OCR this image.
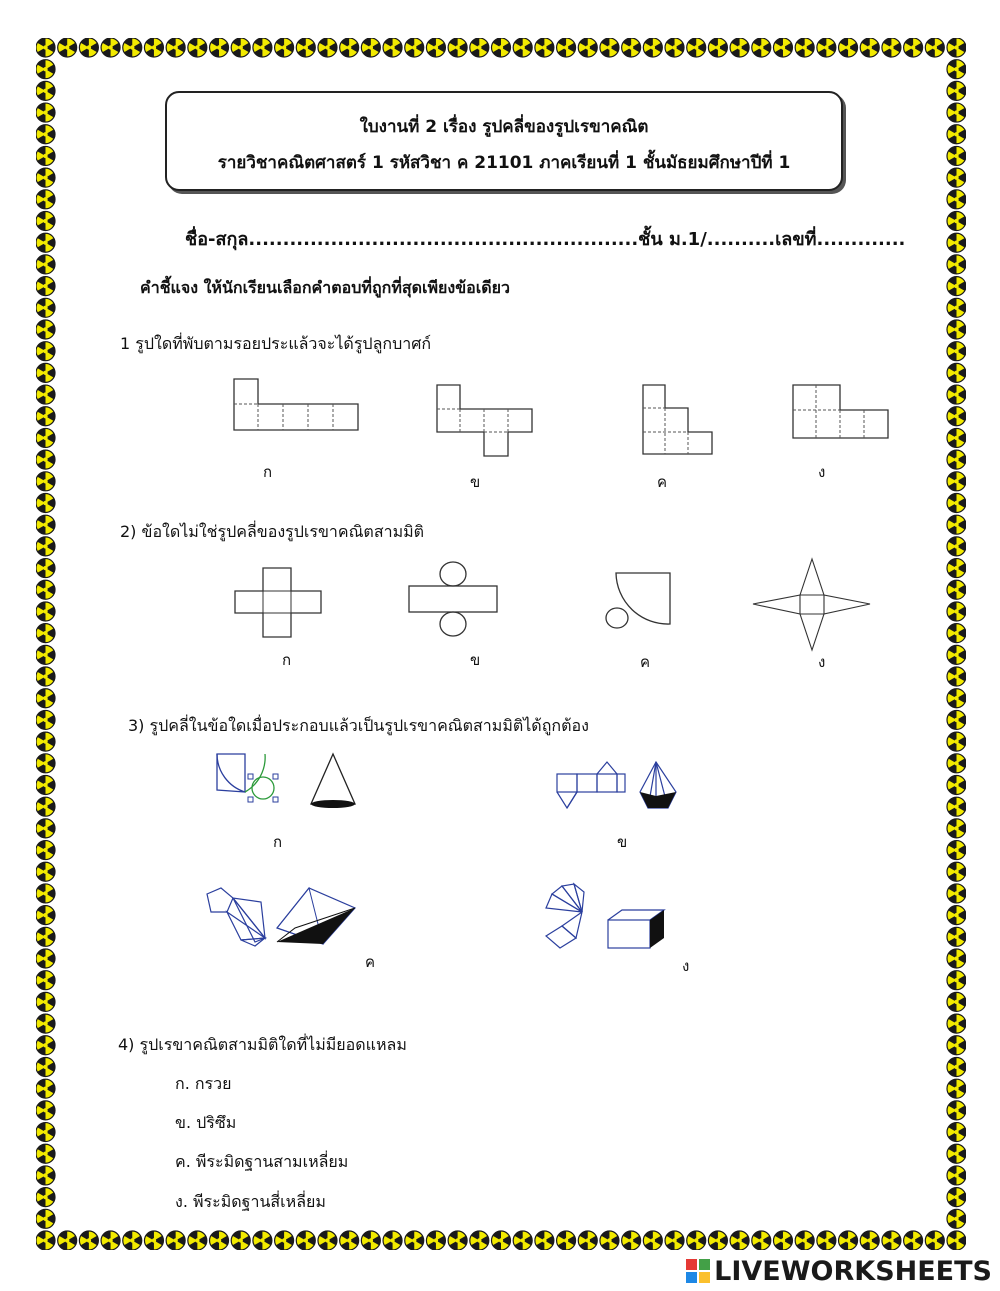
ใบงานที่ 2 เรื่อง รูปคลี่ของรูปเรขาคณิต
รายวิชาคณิตศาสตร์ 1 รหัสวิชา ค 21101 ภาคเรียนที่ 1 ชั้นมัธยมศึกษาปีที่ 1
ชื่อ-สกุล.........................................................ชั้น ม.1/..........เลขที่.............
คำชี้แจง ให้นักเรียนเลือกคำตอบที่ถูกที่สุดเพียงข้อเดียว
1 รูปใดที่พับตามรอยประแล้วจะได้รูปลูกบาศก์
ก
ข	ค
ง
2) ข้อใดไม่ใช่รูปคลี่ของรูปเรขาคณิตสามมิติ
ก	ข	ค	ง
3) รูปคลี่ในข้อใดเมื่อประกอบแล้วเป็นรูปเรขาคณิตสามมิติได้ถูกต้อง
ก	ข
ค	ง
4) รูปเรขาคณิตสามมิติใดที่ไม่มียอดแหลม
ก. กรวย
ข. ปริซึม
ค. พีระมิดฐานสามเหลี่ยม
ง. พีระมิดฐานสี่เหลี่ยม
LIVEWORKSHEETS
